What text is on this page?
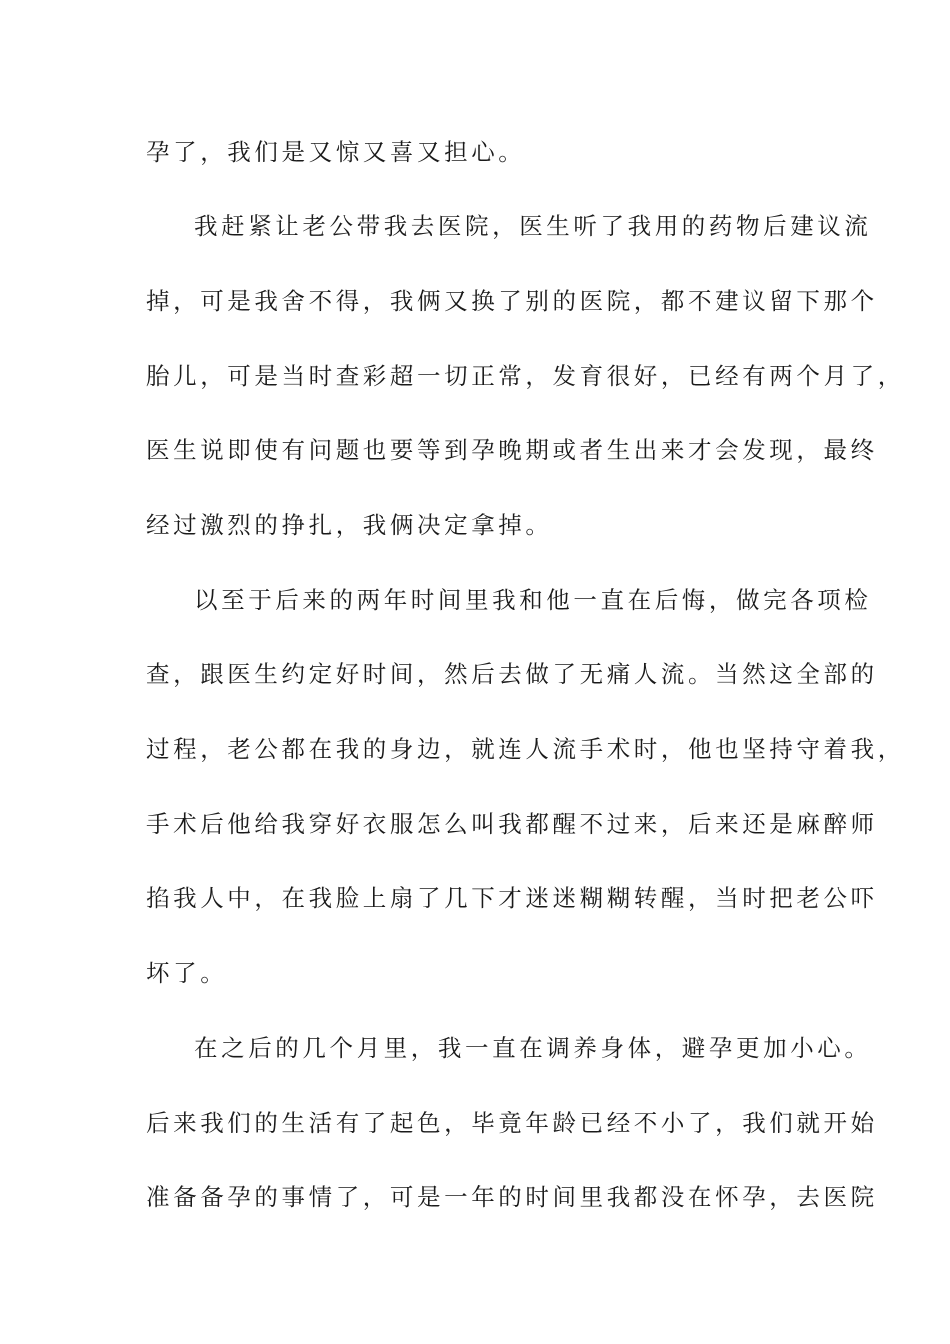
孕了，我们是又惊又喜又担心。
我赶紧让老公带我去医院，医生听了我用的药物后建议流
掉，可是我舍不得，我俩又换了别的医院，都不建议留下那个
胎儿，可是当时查彩超一切正常，发育很好，已经有两个月了，
医生说即使有问题也要等到孕晚期或者生出来才会发现，最终
经过激烈的挣扎，我俩决定拿掉。
以至于后来的两年时间里我和他一直在后悔，做完各项检
查，跟医生约定好时间，然后去做了无痛人流。当然这全部的
过程，老公都在我的身边，就连人流手术时，他也坚持守着我，
手术后他给我穿好衣服怎么叫我都醒不过来，后来还是麻醉师
掐我人中，在我脸上扇了几下才迷迷糊糊转醒，当时把老公吓
坏了。
在之后的几个月里，我一直在调养身体，避孕更加小心。
后来我们的生活有了起色，毕竟年龄已经不小了，我们就开始
准备备孕的事情了，可是一年的时间里我都没在怀孕，去医院
